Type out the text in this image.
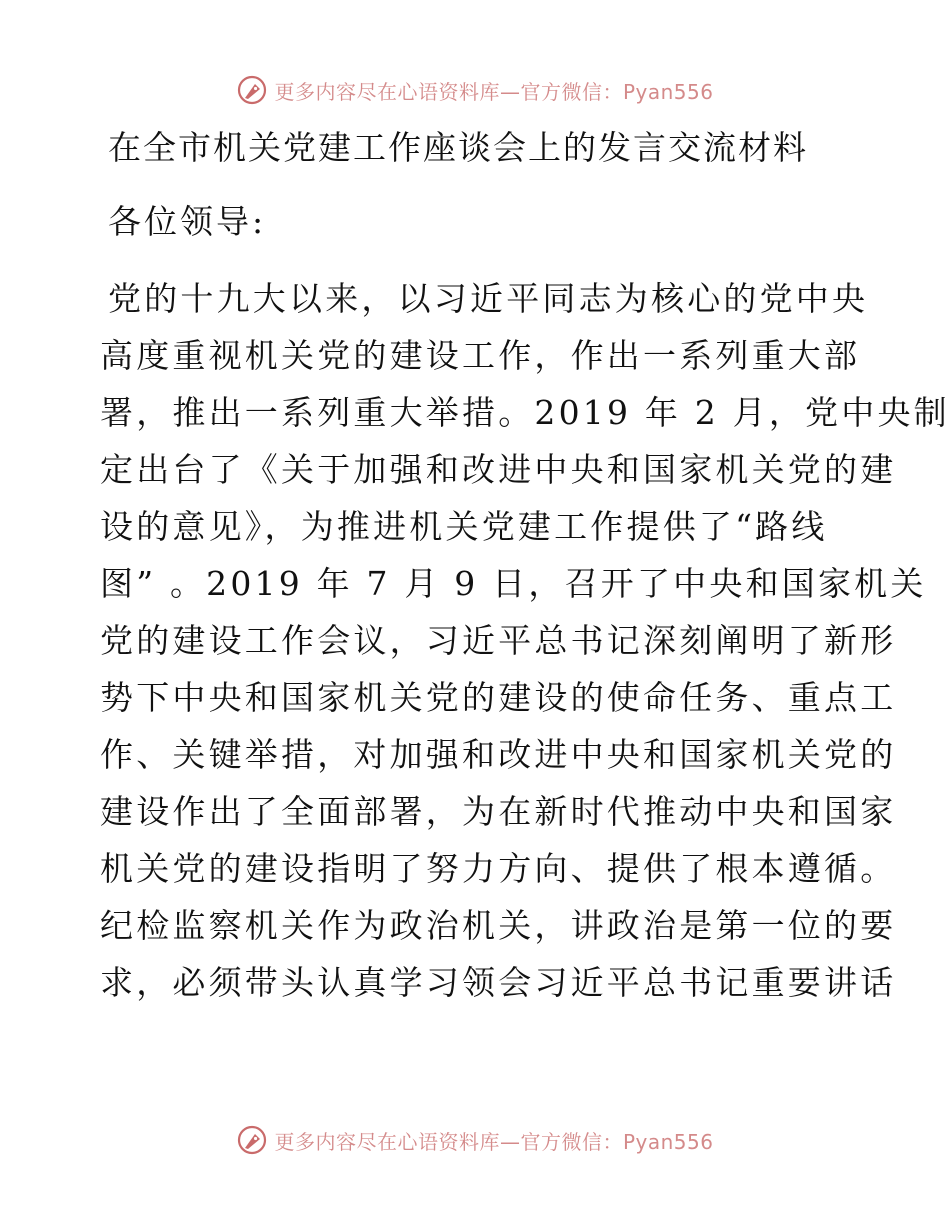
更多内容尽在心语资料库—官方微信：Pyan556
在全市机关党建工作座谈会上的发言交流材料

各位领导:

党的十九大以来，以习近平同志为核心的党中央
高度重视机关党的建设工作，作出一系列重大部
署，推出一系列重大举措。2019 年 2 月，党中央制
定出台了《关于加强和改进中央和国家机关党的建
设的意见》，为推进机关党建工作提供了“路线
图” 。2019 年 7 月 9 日，召开了中央和国家机关
党的建设工作会议，习近平总书记深刻阐明了新形
势下中央和国家机关党的建设的使命任务、重点工
作、关键举措，对加强和改进中央和国家机关党的
建设作出了全面部署，为在新时代推动中央和国家
机关党的建设指明了努力方向、提供了根本遵循。
纪检监察机关作为政治机关，讲政治是第一位的要
求，必须带头认真学习领会习近平总书记重要讲话
更多内容尽在心语资料库—官方微信：Pyan556
